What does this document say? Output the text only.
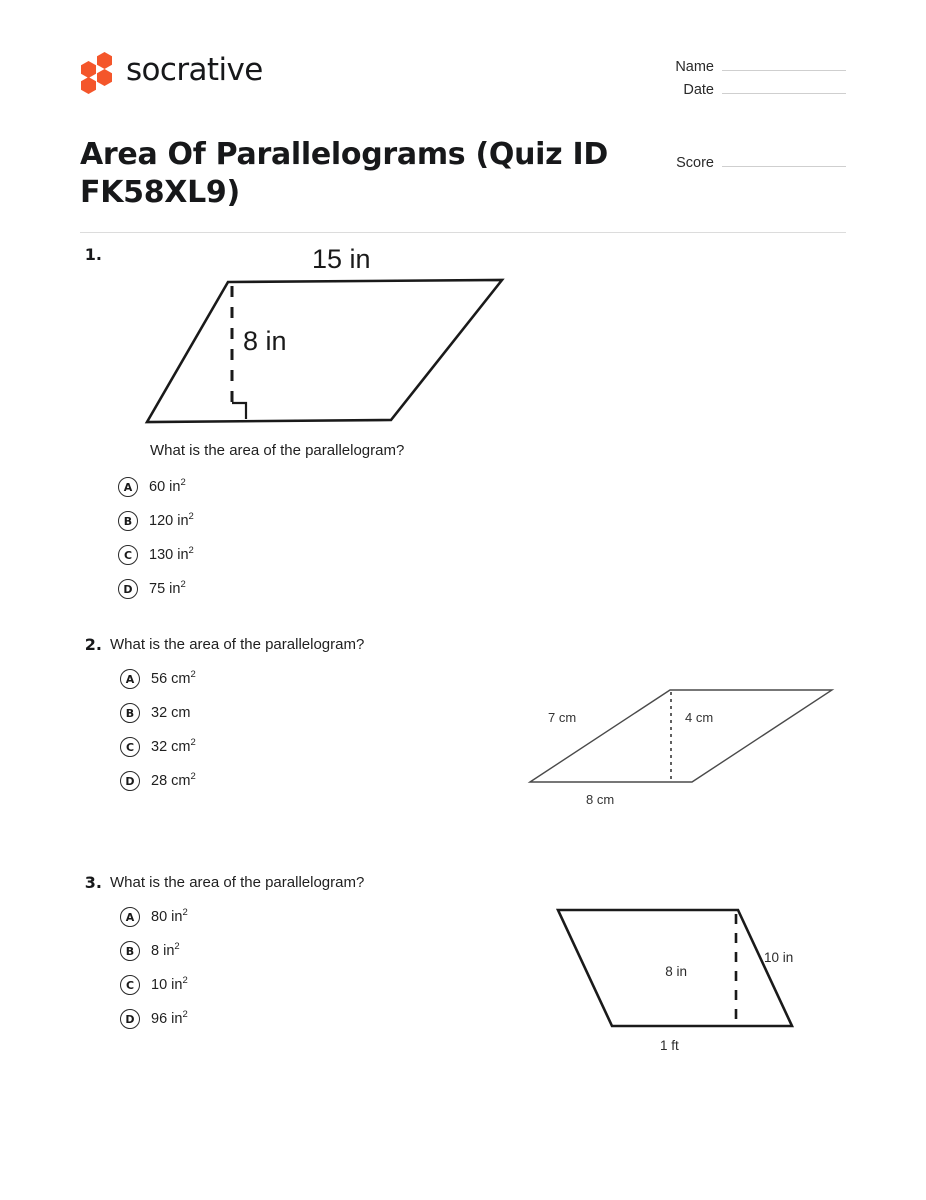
socrative
Area Of Parallelograms (Quiz ID FK58XL9)
Name
Date
Score
1.	15 in
8 in
What is the area of the parallelogram?
A	60 $in^2$
B	120 $in^2$
C	130 $in^2$
D	75 $in^2$
2. What is the area of the parallelogram?
A	56 $cm^2$
B	32 cm
C	32 $cm^2$
D	28 $cm^2$
7 cm	4 cm
8 cm
3. What is the area of the parallelogram?
A	80 $in^2$
B	8 $in^2$
C	10 $in^2$
D	96 $in^2$
8 in
10 in
1 ft
